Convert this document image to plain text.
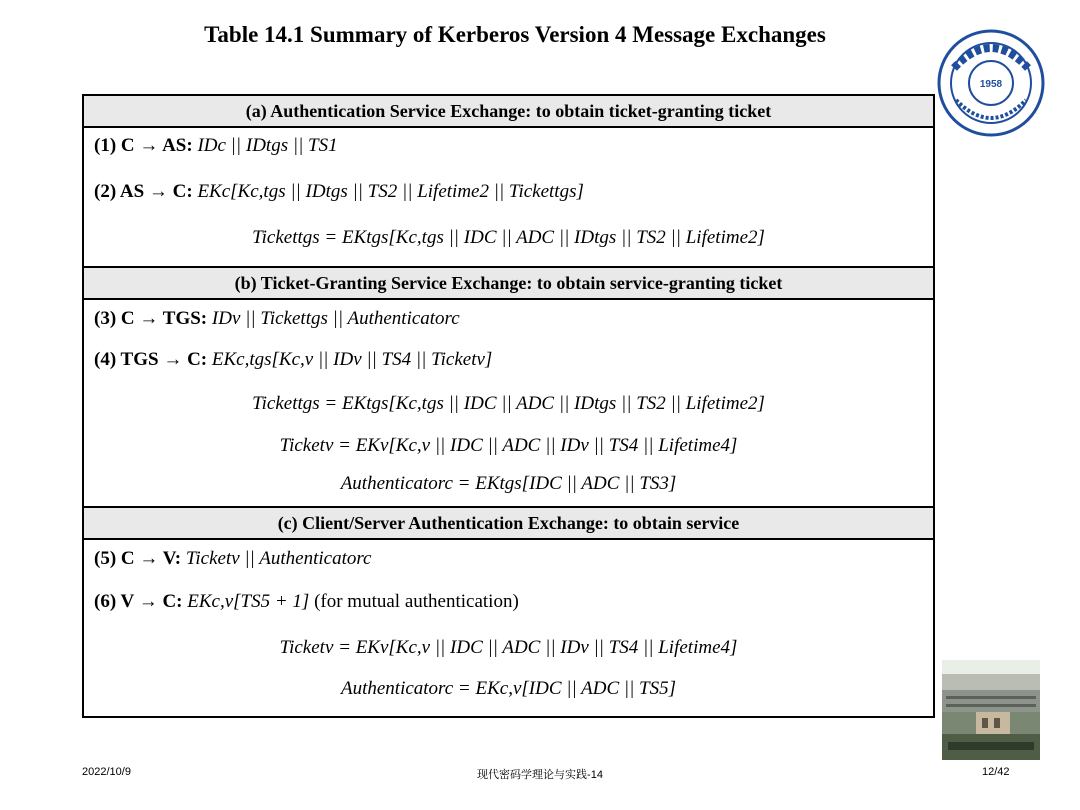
Table 14.1 Summary of Kerberos Version 4 Message Exchanges
1958
(a) Authentication Service Exchange: to obtain ticket-granting ticket
(1) C → AS: IDc || IDtgs || TS1
(2) AS → C: EKc[Kc,tgs || IDtgs || TS2 || Lifetime2 || Tickettgs]
Tickettgs = EKtgs[Kc,tgs || IDC || ADC || IDtgs || TS2 || Lifetime2]
(b) Ticket-Granting Service Exchange: to obtain service-granting ticket
(3) C → TGS: IDv || Tickettgs || Authenticatorc
(4) TGS → C: EKc,tgs[Kc,v || IDv || TS4 || Ticketv]
Tickettgs = EKtgs[Kc,tgs || IDC || ADC || IDtgs || TS2 || Lifetime2]
Ticketv = EKv[Kc,v || IDC || ADC || IDv || TS4 || Lifetime4]
Authenticatorc = EKtgs[IDC || ADC || TS3]
(c) Client/Server Authentication Exchange: to obtain service
(5) C → V: Ticketv || Authenticatorc
(6) V → C: EKc,v[TS5 + 1] (for mutual authentication)
Ticketv = EKv[Kc,v || IDC || ADC || IDv || TS4 || Lifetime4]
Authenticatorc = EKc,v[IDC || ADC || TS5]
2022/10/9	现代密码学理论与实践-14	12/42
